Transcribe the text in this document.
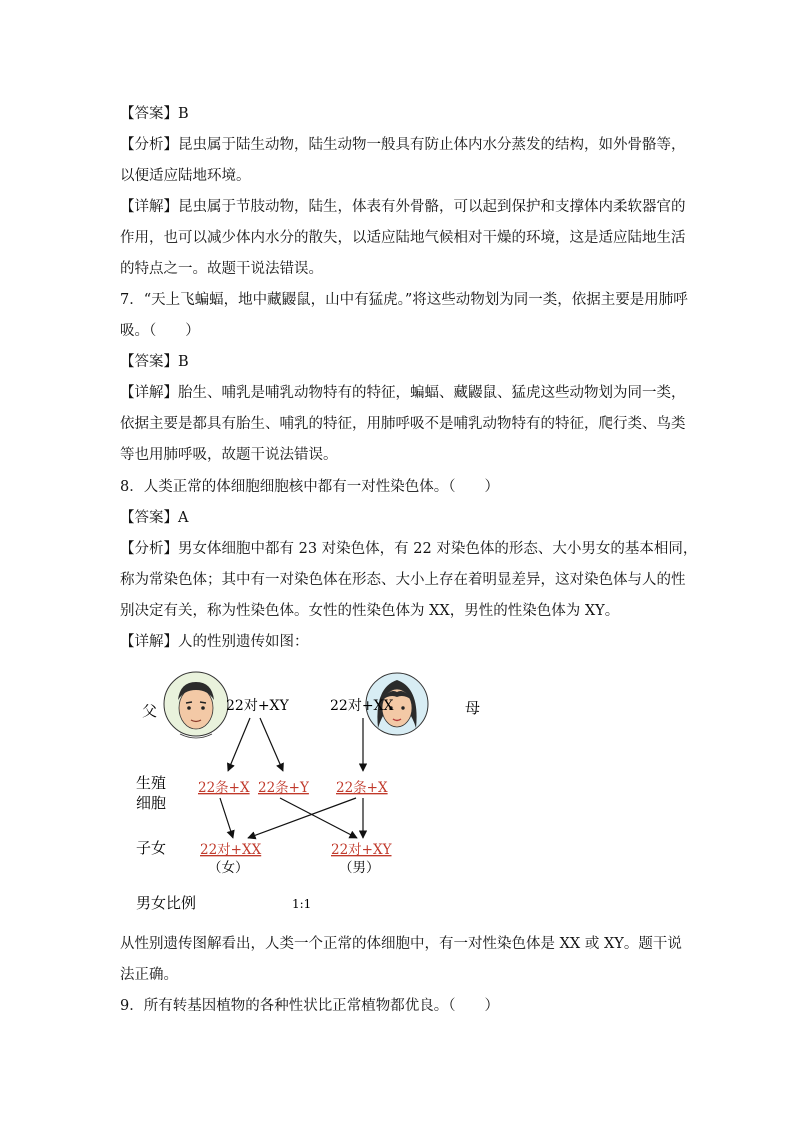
【答案】B
【分析】昆虫属于陆生动物，陆生动物一般具有防止体内水分蒸发的结构，如外骨骼等，
以便适应陆地环境。
【详解】昆虫属于节肢动物，陆生，体表有外骨骼，可以起到保护和支撑体内柔软器官的
作用，也可以减少体内水分的散失，以适应陆地气候相对干燥的环境，这是适应陆地生活
的特点之一。故题干说法错误。
7．“天上飞蝙蝠，地中藏鼹鼠，山中有猛虎。”将这些动物划为同一类，依据主要是用肺呼
吸。（　　）
【答案】B
【详解】胎生、哺乳是哺乳动物特有的特征，蝙蝠、藏鼹鼠、猛虎这些动物划为同一类，
依据主要是都具有胎生、哺乳的特征，用肺呼吸不是哺乳动物特有的特征，爬行类、鸟类
等也用肺呼吸，故题干说法错误。
8．人类正常的体细胞细胞核中都有一对性染色体。（　　）
【答案】A
【分析】男女体细胞中都有 23 对染色体，有 22 对染色体的形态、大小男女的基本相同，
称为常染色体；其中有一对染色体在形态、大小上存在着明显差异，这对染色体与人的性
别决定有关，称为性染色体。女性的性染色体为 XX，男性的性染色体为 XY。
【详解】人的性别遗传如图：
父	母
22对+XY	22对+XX
生殖
细胞
22条+X 22条+Y 22条+X
子女	22对+XX	22对+XY
（女）	（男）
男女比例	1:1
从性别遗传图解看出，人类一个正常的体细胞中，有一对性染色体是 XX 或 XY。题干说
法正确。
9．所有转基因植物的各种性状比正常植物都优良。（　　）
